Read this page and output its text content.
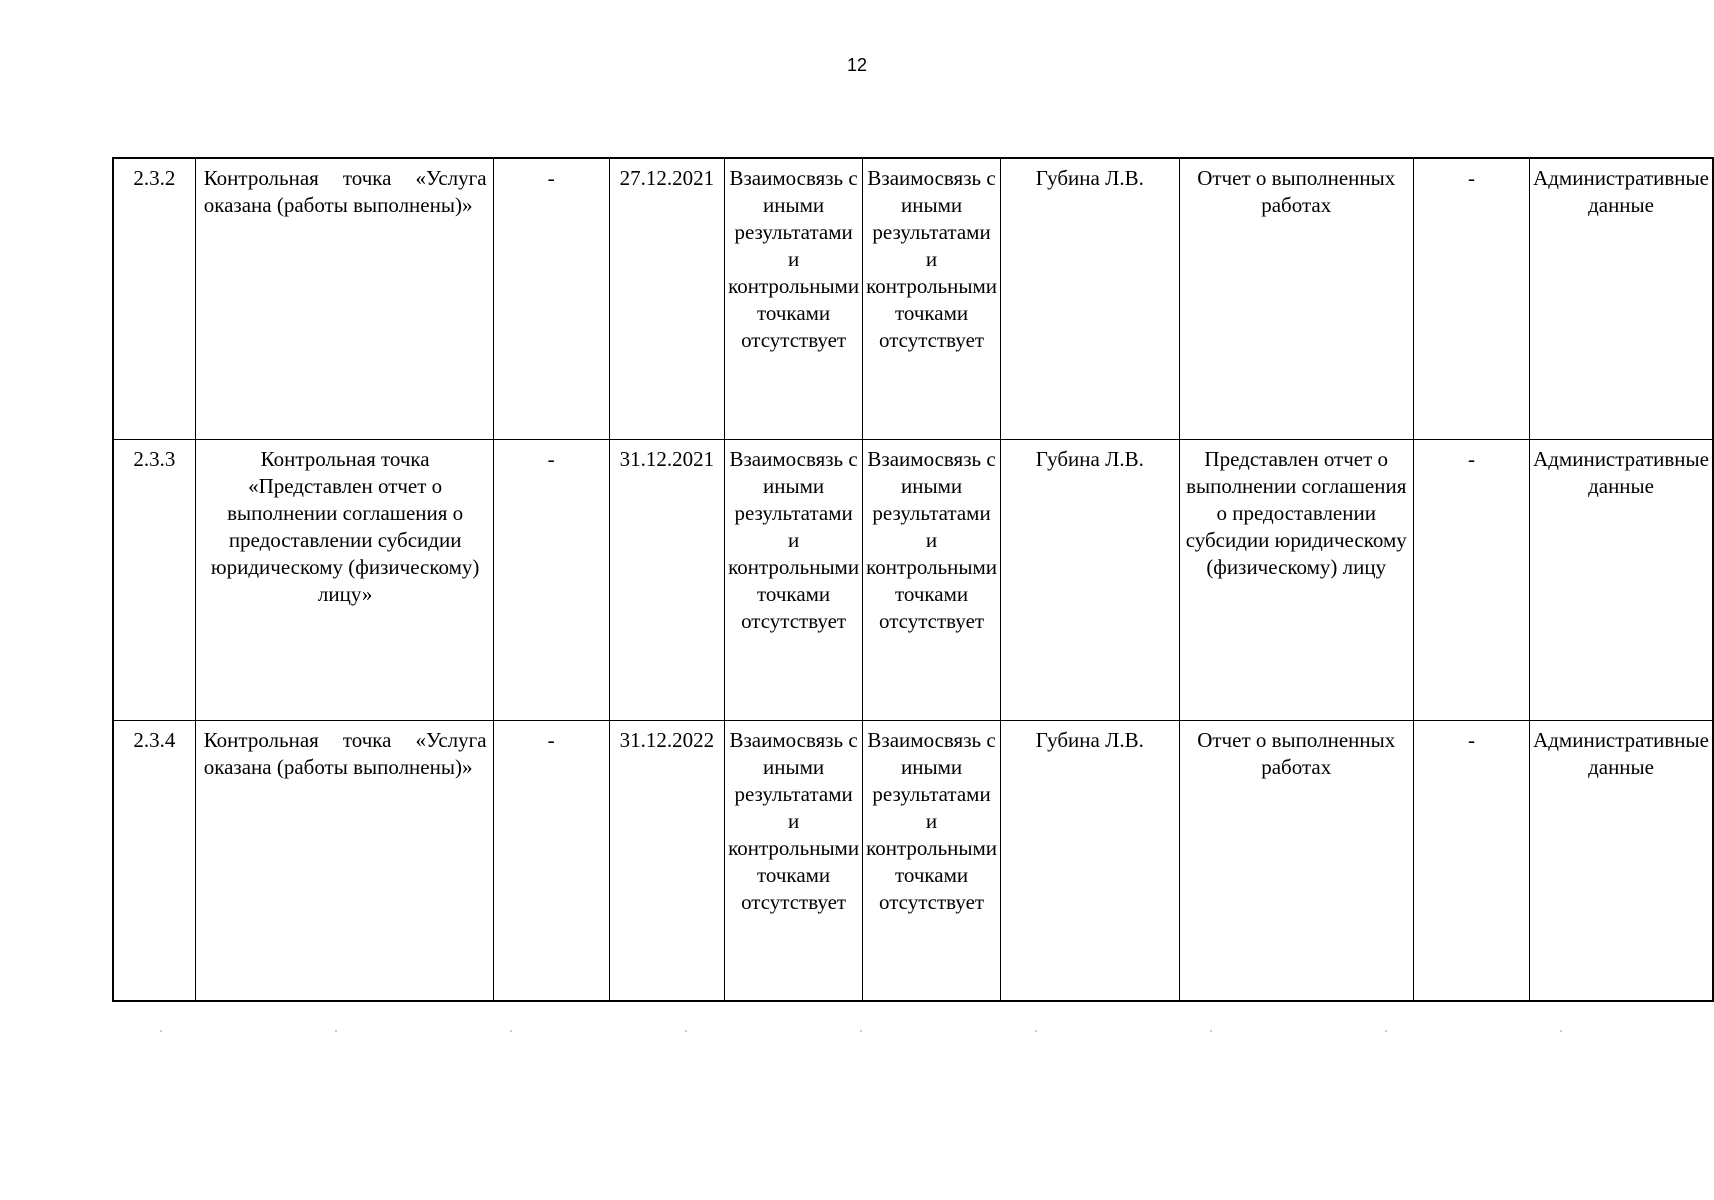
12
2.3.2	Контрольная точка «Услуга оказана (работы выполнены)»	-	27.12.2021	Взаимосвязь с иными результатами и контрольными точками отсутствует	Взаимосвязь с иными результатами и контрольными точками отсутствует	Губина Л.В.	Отчет о выполненных работах	-	Административные данные

2.3.3	Контрольная точка «Представлен отчет о выполнении соглашения о предоставлении субсидии юридическому (физическому) лицу»	-	31.12.2021	Взаимосвязь с иными результатами и контрольными точками отсутствует	Взаимосвязь с иными результатами и контрольными точками отсутствует	Губина Л.В.	Представлен отчет о выполнении соглашения о предоставлении субсидии юридическому (физическому) лицу	-	Административные данные

2.3.4	Контрольная точка «Услуга оказана (работы выполнены)»	-	31.12.2022	Взаимосвязь с иными результатами и контрольными точками отсутствует	Взаимосвязь с иными результатами и контрольными точками отсутствует	Губина Л.В.	Отчет о выполненных работах	-	Административные данные
